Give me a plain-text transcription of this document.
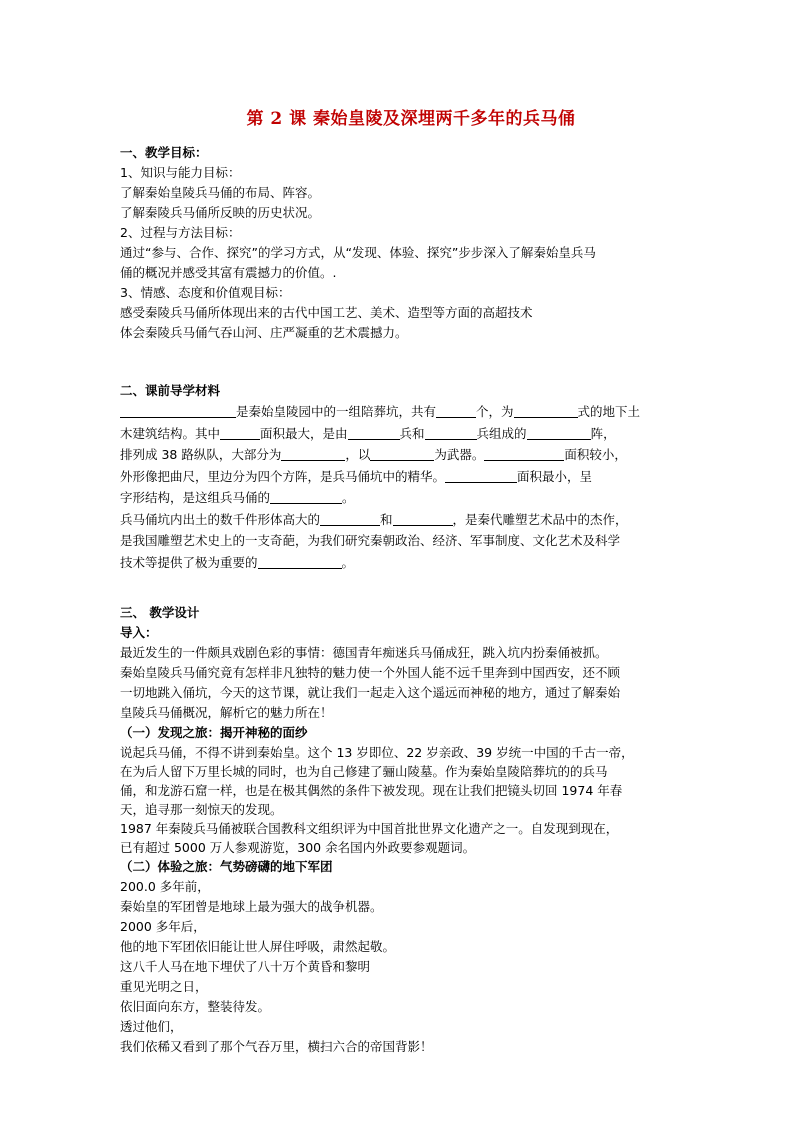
第 2 课 秦始皇陵及深埋两千多年的兵马俑
一、教学目标：
1、知识与能力目标：
了解秦始皇陵兵马俑的布局、阵容。
了解秦陵兵马俑所反映的历史状况。
2、过程与方法目标：
通过“参与、合作、探究”的学习方式，从“发现、体验、探究”步步深入了解秦始皇兵马
俑的概况并感受其富有震撼力的价值。.
3、情感、态度和价值观目标：
感受秦陵兵马俑所体现出来的古代中国工艺、美术、造型等方面的高超技术
体会秦陵兵马俑气吞山河、庄严凝重的艺术震撼力。
二、课前导学材料
是秦始皇陵园中的一组陪葬坑，共有	个，为	式的地下土
木建筑结构。其中	面积最大，是由	兵和	兵组成的	阵，
排列成 38 路纵队，大部分为	，以	为武器。	面积较小，
外形像把曲尺，里边分为四个方阵，是兵马俑坑中的精华。	面积最小，呈
字形结构，是这组兵马俑的	。
兵马俑坑内出土的数千件形体高大的	和	，是秦代雕塑艺术品中的杰作，
是我国雕塑艺术史上的一支奇葩，为我们研究秦朝政治、经济、军事制度、文化艺术及科学
技术等提供了极为重要的	。
三、 教学设计
导入：
最近发生的一件颇具戏剧色彩的事情：德国青年痴迷兵马俑成狂，跳入坑内扮秦俑被抓。
秦始皇陵兵马俑究竟有怎样非凡独特的魅力使一个外国人能不远千里奔到中国西安，还不顾
一切地跳入俑坑，今天的这节课，就让我们一起走入这个遥远而神秘的地方，通过了解秦始
皇陵兵马俑概况，解析它的魅力所在！
（一）发现之旅：揭开神秘的面纱
说起兵马俑，不得不讲到秦始皇。这个 13 岁即位、22 岁亲政、39 岁统一中国的千古一帝，
在为后人留下万里长城的同时，也为自己修建了骊山陵墓。作为秦始皇陵陪葬坑的的兵马
俑，和龙游石窟一样，也是在极其偶然的条件下被发现。现在让我们把镜头切回 1974 年春
天，追寻那一刻惊天的发现。
1987 年秦陵兵马俑被联合国教科文组织评为中国首批世界文化遗产之一。自发现到现在，
已有超过 5000 万人参观游览，300 余名国内外政要参观题词。
（二）体验之旅：气势磅礴的地下军团
200.0 多年前，
秦始皇的军团曾是地球上最为强大的战争机器。
2000 多年后，
他的地下军团依旧能让世人屏住呼吸，肃然起敬。
这八千人马在地下埋伏了八十万个黄昏和黎明
重见光明之日，
依旧面向东方，整装待发。
透过他们，
我们依稀又看到了那个气吞万里，横扫六合的帝国背影！
